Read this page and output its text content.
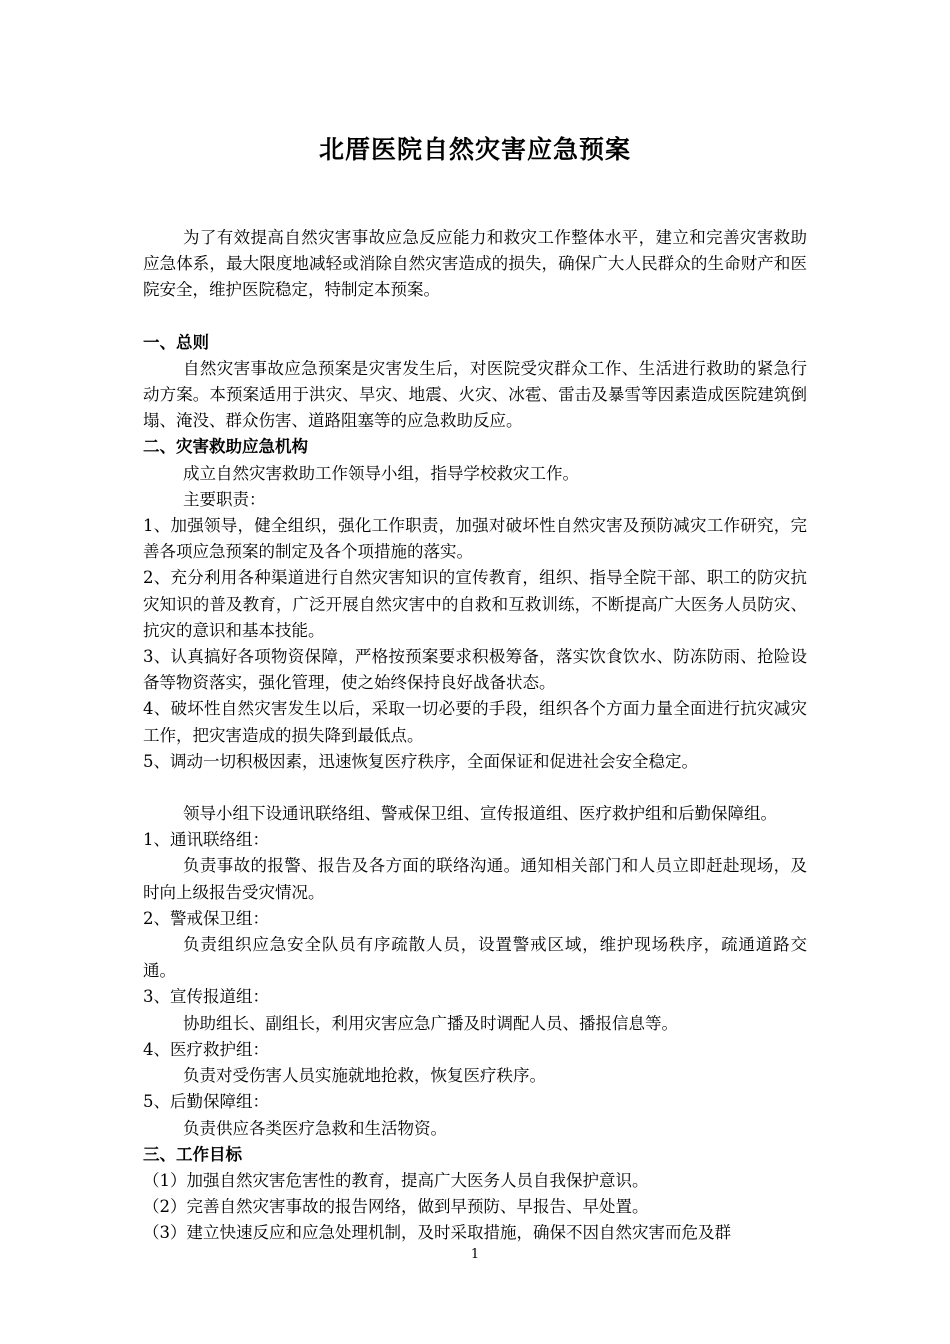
北厝医院自然灾害应急预案

为了有效提高自然灾害事故应急反应能力和救灾工作整体水平，建立和完善灾害救助应急体系，最大限度地减轻或消除自然灾害造成的损失，确保广大人民群众的生命财产和医院安全，维护医院稳定，特制定本预案。

一、总则

自然灾害事故应急预案是灾害发生后，对医院受灾群众工作、生活进行救助的紧急行动方案。本预案适用于洪灾、旱灾、地震、火灾、冰雹、雷击及暴雪等因素造成医院建筑倒塌、淹没、群众伤害、道路阻塞等的应急救助反应。

二、灾害救助应急机构

成立自然灾害救助工作领导小组，指导学校救灾工作。

主要职责：

1、加强领导，健全组织，强化工作职责，加强对破坏性自然灾害及预防减灾工作研究，完善各项应急预案的制定及各个项措施的落实。

2、充分利用各种渠道进行自然灾害知识的宣传教育，组织、指导全院干部、职工的防灾抗灾知识的普及教育，广泛开展自然灾害中的自救和互救训练，不断提高广大医务人员防灾、抗灾的意识和基本技能。

3、认真搞好各项物资保障，严格按预案要求积极筹备，落实饮食饮水、防冻防雨、抢险设备等物资落实，强化管理，使之始终保持良好战备状态。

4、破坏性自然灾害发生以后，采取一切必要的手段，组织各个方面力量全面进行抗灾减灾工作，把灾害造成的损失降到最低点。

5、调动一切积极因素，迅速恢复医疗秩序，全面保证和促进社会安全稳定。

领导小组下设通讯联络组、警戒保卫组、宣传报道组、医疗救护组和后勤保障组。

1、通讯联络组：

负责事故的报警、报告及各方面的联络沟通。通知相关部门和人员立即赶赴现场，及时向上级报告受灾情况。

2、警戒保卫组：

负责组织应急安全队员有序疏散人员，设置警戒区域，维护现场秩序，疏通道路交通。

3、宣传报道组：

协助组长、副组长，利用灾害应急广播及时调配人员、播报信息等。

4、医疗救护组：

负责对受伤害人员实施就地抢救，恢复医疗秩序。

5、后勤保障组：

负责供应各类医疗急救和生活物资。

三、工作目标

（1）加强自然灾害危害性的教育，提高广大医务人员自我保护意识。

（2）完善自然灾害事故的报告网络，做到早预防、早报告、早处置。

（3）建立快速反应和应急处理机制，及时采取措施，确保不因自然灾害而危及群

1
